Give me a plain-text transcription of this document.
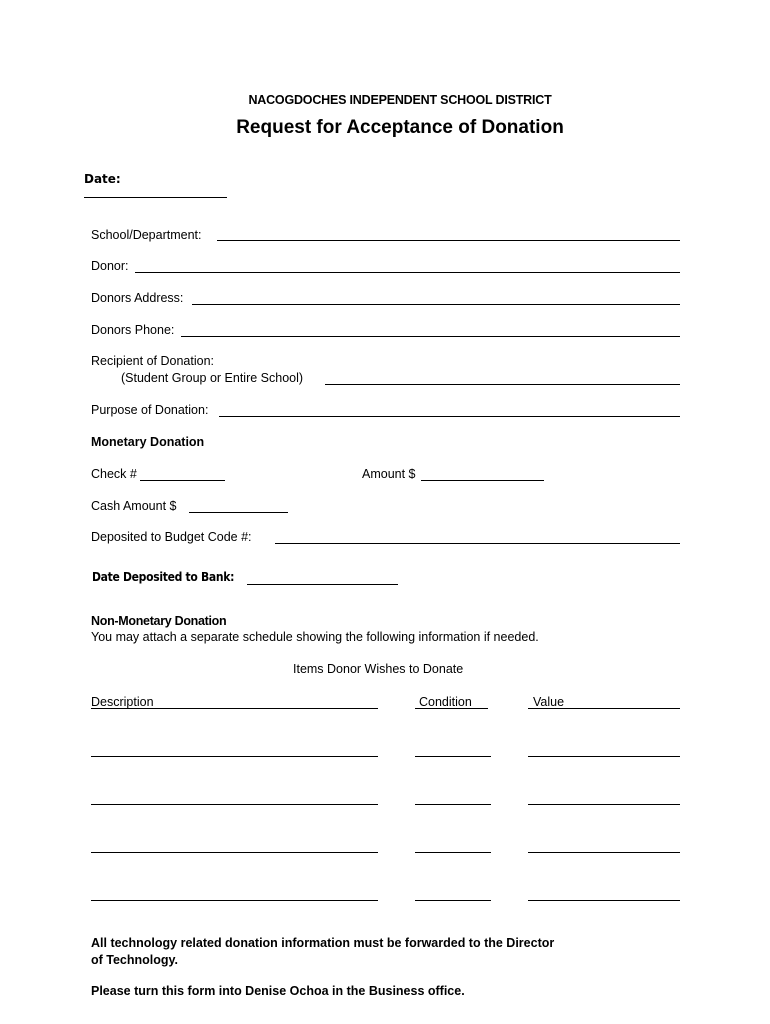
NACOGDOCHES INDEPENDENT SCHOOL DISTRICT
Request for Acceptance of Donation
Date:
School/Department:
Donor:
Donors Address:
Donors Phone:
Recipient of Donation:
(Student Group or Entire School)
Purpose of Donation:
Monetary Donation
Check #	Amount $
Cash Amount $
Deposited to Budget Code #:
Date Deposited to Bank:
Non-Monetary Donation
You may attach a separate schedule showing the following information if needed.
Items Donor Wishes to Donate
Description	Condition	Value
All technology related donation information must be forwarded to the Director of Technology.
Please turn this form into Denise Ochoa in the Business office.
